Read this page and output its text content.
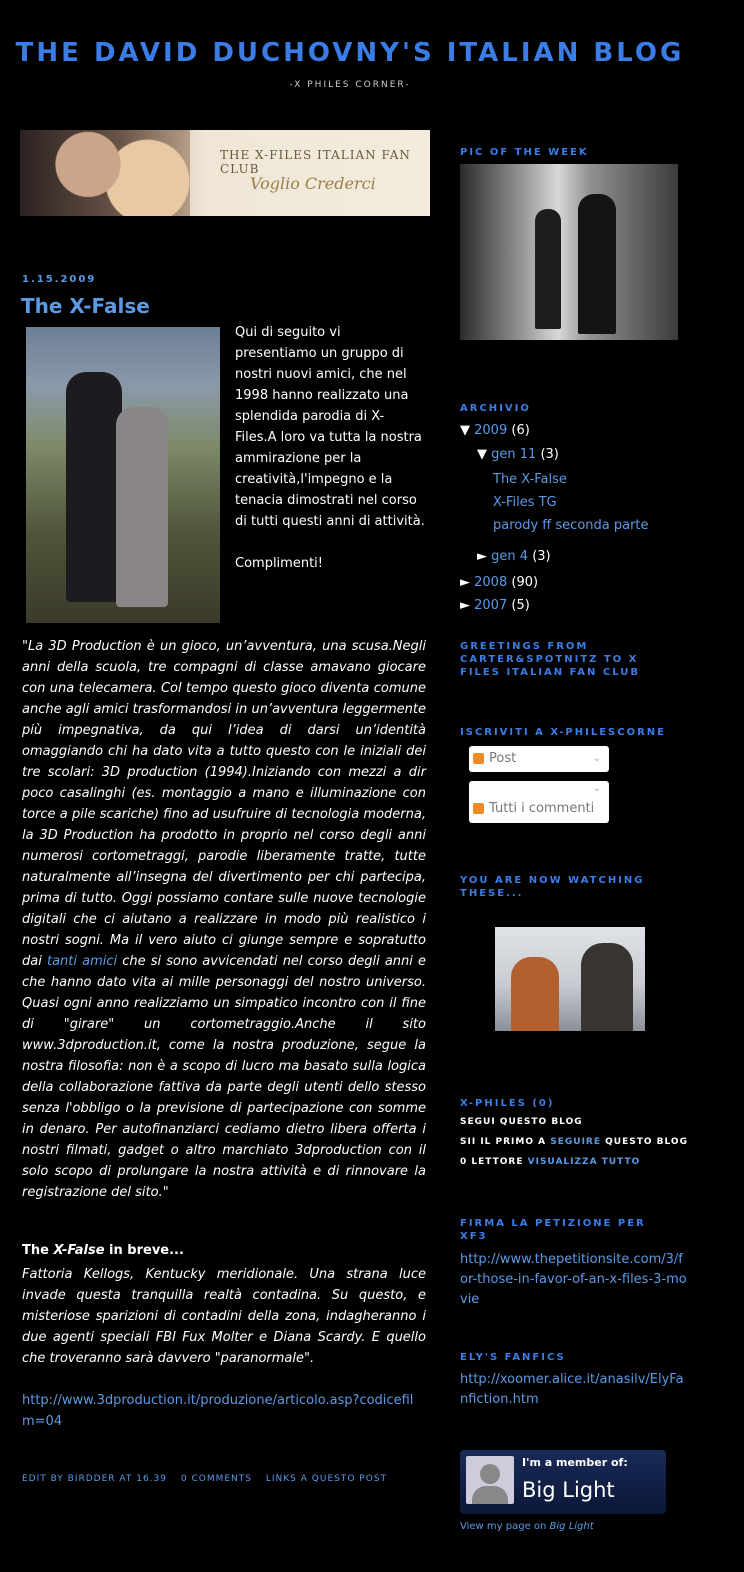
THE DAVID DUCHOVNY'S ITALIAN BLOG
-X PHILES CORNER-
THE X-FILES ITALIAN FAN CLUB
Voglio Crederci
1.15.2009
The X-False
Qui di seguito vi presentiamo un gruppo di nostri nuovi amici, che nel 1998 hanno realizzato una splendida parodia di X-Files.A loro va tutta la nostra ammirazione per la creatività,l'impegno e la tenacia dimostrati nel corso di tutti questi anni di attività.
Complimenti!
"La 3D Production è un gioco, un’avventura, una scusa.Negli anni della scuola, tre compagni di classe amavano giocare con una telecamera. Col tempo questo gioco diventa comune anche agli amici trasformandosi in un’avventura leggermente più impegnativa, da qui l’idea di darsi un’identità omaggiando chi ha dato vita a tutto questo con le iniziali dei tre scolari: 3D production (1994).Iniziando con mezzi a dir poco casalinghi (es. montaggio a mano e illuminazione con torce a pile scariche) fino ad usufruire di tecnologia moderna, la 3D Production ha prodotto in proprio nel corso degli anni numerosi cortometraggi, parodie liberamente tratte, tutte naturalmente all’insegna del divertimento per chi partecipa, prima di tutto. Oggi possiamo contare sulle nuove tecnologie digitali che ci aiutano a realizzare in modo più realistico i nostri sogni. Ma il vero aiuto ci giunge sempre e sopratutto dai tanti amici che si sono avvicendati nel corso degli anni e che hanno dato vita ai mille personaggi del nostro universo. Quasi ogni anno realizziamo un simpatico incontro con il fine di "girare" un cortometraggio.Anche il sito www.3dproduction.it, come la nostra produzione, segue la nostra filosofia: non è a scopo di lucro ma basato sulla logica della collaborazione fattiva da parte degli utenti dello stesso senza l'obbligo o la previsione di partecipazione con somme in denaro. Per autofinanziarci cediamo dietro libera offerta i nostri filmati, gadget o altro marchiato 3dproduction con il solo scopo di prolungare la nostra attività e di rinnovare la registrazione del sito."
The X-False in breve...
Fattoria Kellogs, Kentucky meridionale. Una strana luce invade questa tranquilla realtà contadina. Su questo, e misteriose sparizioni di contadini della zona, indagheranno i due agenti speciali FBI Fux Molter e Diana Scardy. E quello che troveranno sarà davvero "paranormale".
http://www.3dproduction.it/produzione/articolo.asp?codicefilm=04
EDIT BY BIRDDER AT 16.39 0 COMMENTS LINKS A QUESTO POST
PIC OF THE WEEK
ARCHIVIO
▼ 2009 (6)
▼ gen 11 (3)
The X-False
X-Files TG
parody ff seconda parte
► gen 4 (3)
► 2008 (90)
► 2007 (5)
GREETINGS FROM CARTER&SPOTNITZ TO X FILES ITALIAN FAN CLUB
ISCRIVITI A X-PHILESCORNE
Post	⌄
⌄
Tutti i commenti
YOU ARE NOW WATCHING THESE...
X-PHILES (0)
SEGUI QUESTO BLOG
SII IL PRIMO A SEGUIRE QUESTO BLOG
0 LETTORE VISUALIZZA TUTTO
FIRMA LA PETIZIONE PER XF3
http://www.thepetitionsite.com/3/for-those-in-favor-of-an-x-files-3-movie
ELY'S FANFICS
http://xoomer.alice.it/anasilv/ElyFanfiction.htm
I'm a member of:
Big Light
View my page on Big Light
